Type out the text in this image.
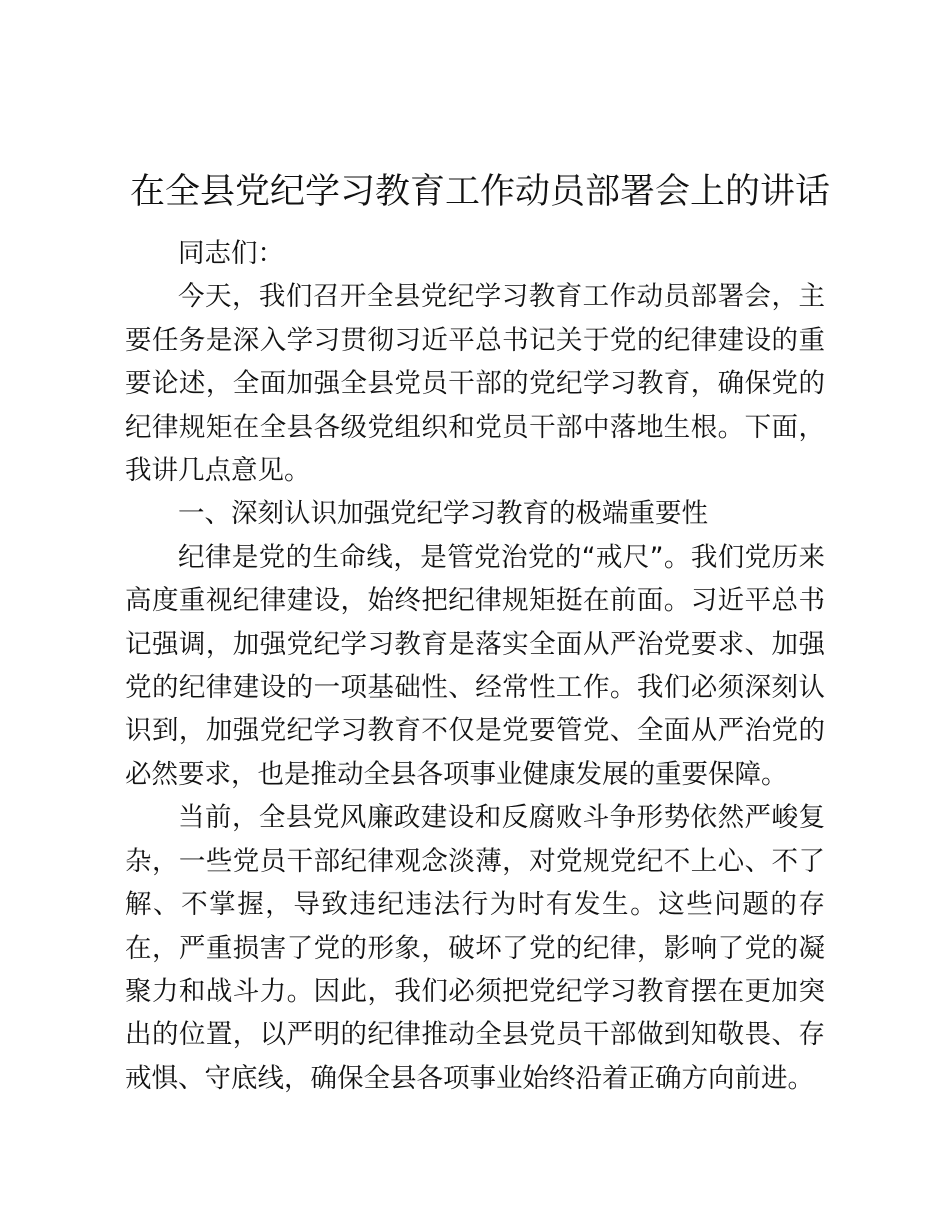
在全县党纪学习教育工作动员部署会上的讲话

同志们：

今天，我们召开全县党纪学习教育工作动员部署会，主要任务是深入学习贯彻习近平总书记关于党的纪律建设的重要论述，全面加强全县党员干部的党纪学习教育，确保党的纪律规矩在全县各级党组织和党员干部中落地生根。下面，我讲几点意见。

一、深刻认识加强党纪学习教育的极端重要性

纪律是党的生命线，是管党治党的“戒尺”。我们党历来高度重视纪律建设，始终把纪律规矩挺在前面。习近平总书记强调，加强党纪学习教育是落实全面从严治党要求、加强党的纪律建设的一项基础性、经常性工作。我们必须深刻认识到，加强党纪学习教育不仅是党要管党、全面从严治党的必然要求，也是推动全县各项事业健康发展的重要保障。

当前，全县党风廉政建设和反腐败斗争形势依然严峻复杂，一些党员干部纪律观念淡薄，对党规党纪不上心、不了解、不掌握，导致违纪违法行为时有发生。这些问题的存在，严重损害了党的形象，破坏了党的纪律，影响了党的凝聚力和战斗力。因此，我们必须把党纪学习教育摆在更加突出的位置，以严明的纪律推动全县党员干部做到知敬畏、存戒惧、守底线，确保全县各项事业始终沿着正确方向前进。
